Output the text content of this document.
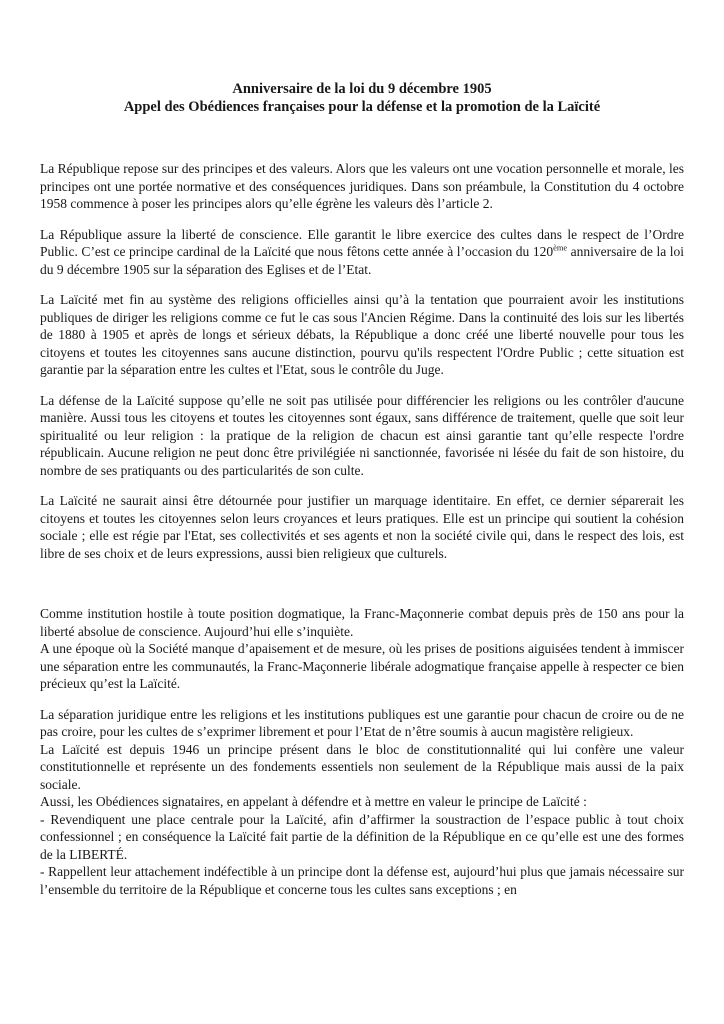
Anniversaire de la loi du 9 décembre 1905
Appel des Obédiences françaises pour la défense et la promotion de la Laïcité

La République repose sur des principes et des valeurs. Alors que les valeurs ont une vocation personnelle et morale, les principes ont une portée normative et des conséquences juridiques. Dans son préambule, la Constitution du 4 octobre 1958 commence à poser les principes alors qu’elle égrène les valeurs dès l’article 2.

La République assure la liberté de conscience. Elle garantit le libre exercice des cultes dans le respect de l’Ordre Public. C’est ce principe cardinal de la Laïcité que nous fêtons cette année à l’occasion du 120ème anniversaire de la loi du 9 décembre 1905 sur la séparation des Eglises et de l’Etat.

La Laïcité met fin au système des religions officielles ainsi qu’à la tentation que pourraient avoir les institutions publiques de diriger les religions comme ce fut le cas sous l'Ancien Régime. Dans la continuité des lois sur les libertés de 1880 à 1905 et après de longs et sérieux débats, la République a donc créé une liberté nouvelle pour tous les citoyens et toutes les citoyennes sans aucune distinction, pourvu qu'ils respectent l'Ordre Public ; cette situation est garantie par la séparation entre les cultes et l'Etat, sous le contrôle du Juge.

La défense de la Laïcité suppose qu’elle ne soit pas utilisée pour différencier les religions ou les contrôler d'aucune manière. Aussi tous les citoyens et toutes les citoyennes sont égaux, sans différence de traitement, quelle que soit leur spiritualité ou leur religion : la pratique de la religion de chacun est ainsi garantie tant qu’elle respecte l'ordre républicain. Aucune religion ne peut donc être privilégiée ni sanctionnée, favorisée ni lésée du fait de son histoire, du nombre de ses pratiquants ou des particularités de son culte.

La Laïcité ne saurait ainsi être détournée pour justifier un marquage identitaire. En effet, ce dernier séparerait les citoyens et toutes les citoyennes selon leurs croyances et leurs pratiques. Elle est un principe qui soutient la cohésion sociale ; elle est régie par l'Etat, ses collectivités et ses agents et non la société civile qui, dans le respect des lois, est libre de ses choix et de leurs expressions, aussi bien religieux que culturels.

Comme institution hostile à toute position dogmatique, la Franc-Maçonnerie combat depuis près de 150 ans pour la liberté absolue de conscience. Aujourd’hui elle s’inquiète.

A une époque où la Société manque d’apaisement et de mesure, où les prises de positions aiguisées tendent à immiscer une séparation entre les communautés, la Franc-Maçonnerie libérale adogmatique française appelle à respecter ce bien précieux qu’est la Laïcité.

La séparation juridique entre les religions et les institutions publiques est une garantie pour chacun de croire ou de ne pas croire, pour les cultes de s’exprimer librement et pour l’Etat de n’être soumis à aucun magistère religieux.

La Laïcité est depuis 1946 un principe présent dans le bloc de constitutionnalité qui lui confère une valeur constitutionnelle et représente un des fondements essentiels non seulement de la République mais aussi de la paix sociale.

Aussi, les Obédiences signataires, en appelant à défendre et à mettre en valeur le principe de Laïcité :

- Revendiquent une place centrale pour la Laïcité, afin d’affirmer la soustraction de l’espace public à tout choix confessionnel ; en conséquence la Laïcité fait partie de la définition de la République en ce qu’elle est une des formes de la LIBERTÉ.

- Rappellent leur attachement indéfectible à un principe dont la défense est, aujourd’hui plus que jamais nécessaire sur l’ensemble du territoire de la République et concerne tous les cultes sans exceptions ; en
